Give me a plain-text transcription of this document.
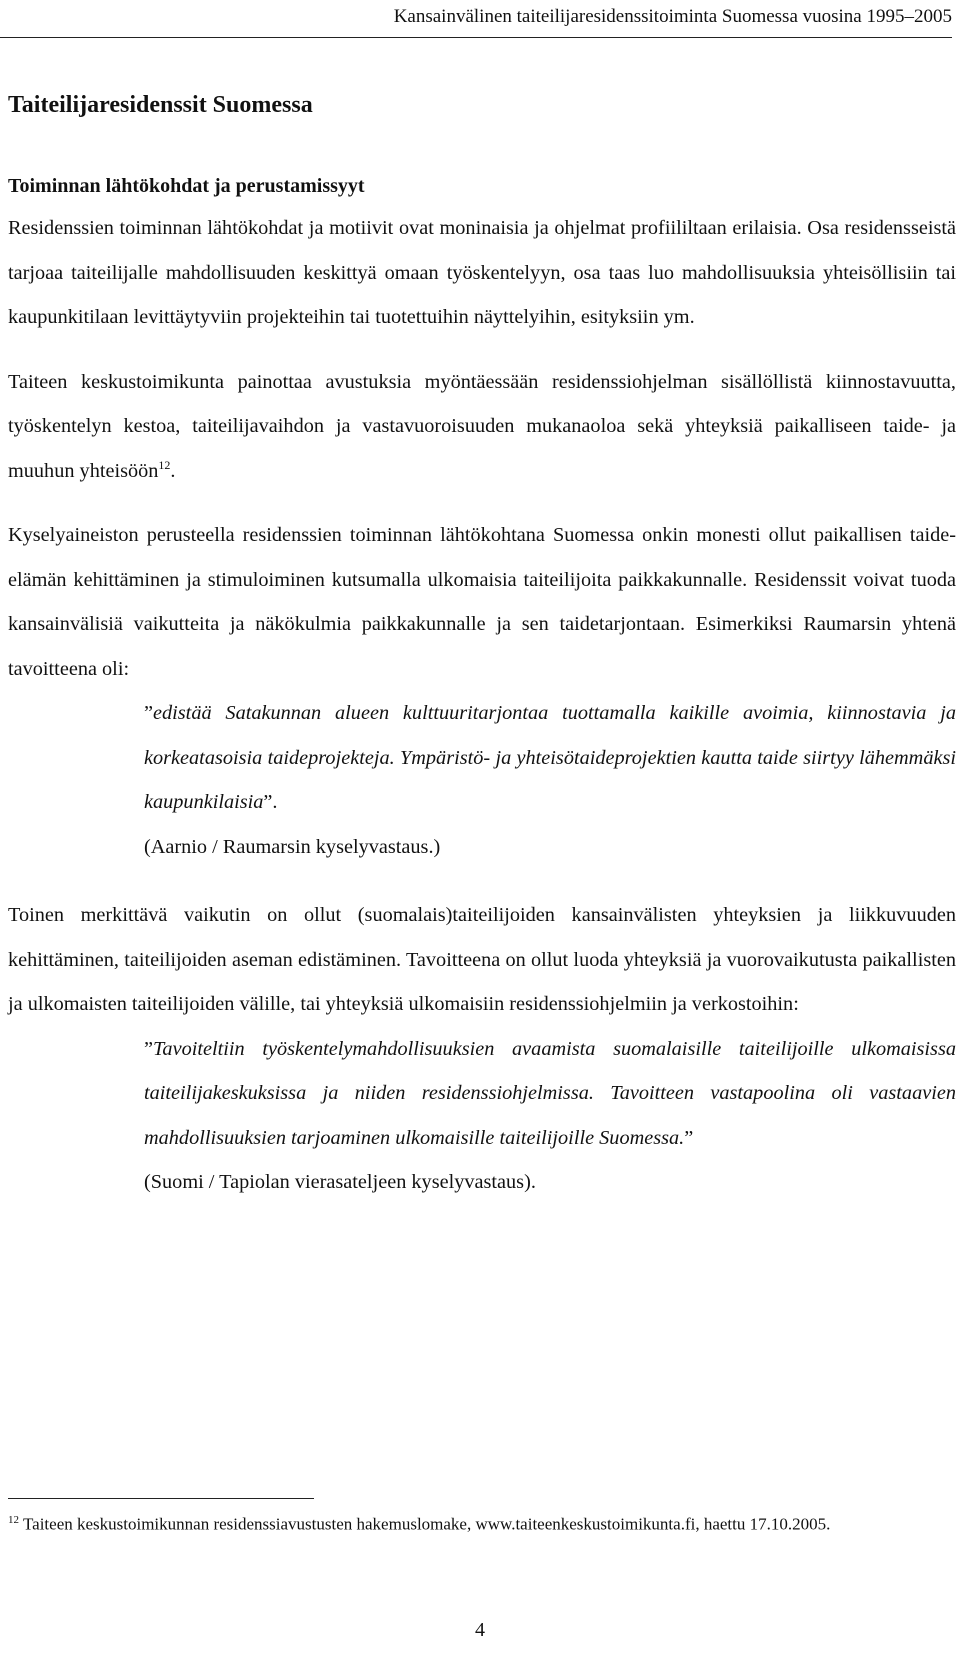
Kansainvälinen taiteilijaresidenssitoiminta Suomessa vuosina 1995–2005
Taiteilijaresidenssit Suomessa
Toiminnan lähtökohdat ja perustamissyyt

Residenssien toiminnan lähtökohdat ja motiivit ovat moninaisia ja ohjelmat profiililtaan erilaisia. Osa residensseistä tarjoaa taiteilijalle mahdollisuuden keskittyä omaan työskentelyyn, osa taas luo mahdollisuuksia yhteisöllisiin tai kaupunkitilaan levittäytyviin projekteihin tai tuotettuihin näyttelyihin, esityksiin ym.

Taiteen keskustoimikunta painottaa avustuksia myöntäessään residenssiohjelman sisällöllistä kiinnostavuutta, työskentelyn kestoa, taiteilijavaihdon ja vastavuoroisuuden mukanaoloa sekä yhteyksiä paikalliseen taide- ja muuhun yhteisöön$^{12}$.

Kyselyaineiston perusteella residenssien toiminnan lähtökohtana Suomessa onkin monesti ollut paikallisen taide-elämän kehittäminen ja stimuloiminen kutsumalla ulkomaisia taiteilijoita paikkakunnalle. Residenssit voivat tuoda kansainvälisiä vaikutteita ja näkökulmia paikkakunnalle ja sen taidetarjontaan. Esimerkiksi Raumarsin yhtenä tavoitteena oli:

”edistää Satakunnan alueen kulttuuritarjontaa tuottamalla kaikille avoimia, kiinnostavia ja korkeatasoisia taideprojekteja. Ympäristö- ja yhteisötaideprojektien kautta taide siirtyy lähemmäksi kaupunkilaisia”.

(Aarnio / Raumarsin kyselyvastaus.)

Toinen merkittävä vaikutin on ollut (suomalais)taiteilijoiden kansainvälisten yhteyksien ja liikkuvuuden kehittäminen, taiteilijoiden aseman edistäminen. Tavoitteena on ollut luoda yhteyksiä ja vuorovaikutusta paikallisten ja ulkomaisten taiteilijoiden välille, tai yhteyksiä ulkomaisiin residenssiohjelmiin ja verkostoihin:

”Tavoiteltiin työskentelymahdollisuuksien avaamista suomalaisille taiteilijoille ulkomaisissa taiteilijakeskuksissa ja niiden residenssiohjelmissa. Tavoitteen vastapoolina oli vastaavien mahdollisuuksien tarjoaminen ulkomaisille taiteilijoille Suomessa.”

(Suomi / Tapiolan vierasateljeen kyselyvastaus).

$^{12}$ Taiteen keskustoimikunnan residenssiavustusten hakemuslomake, www.taiteenkeskustoimikunta.fi, haettu 17.10.2005.
4
